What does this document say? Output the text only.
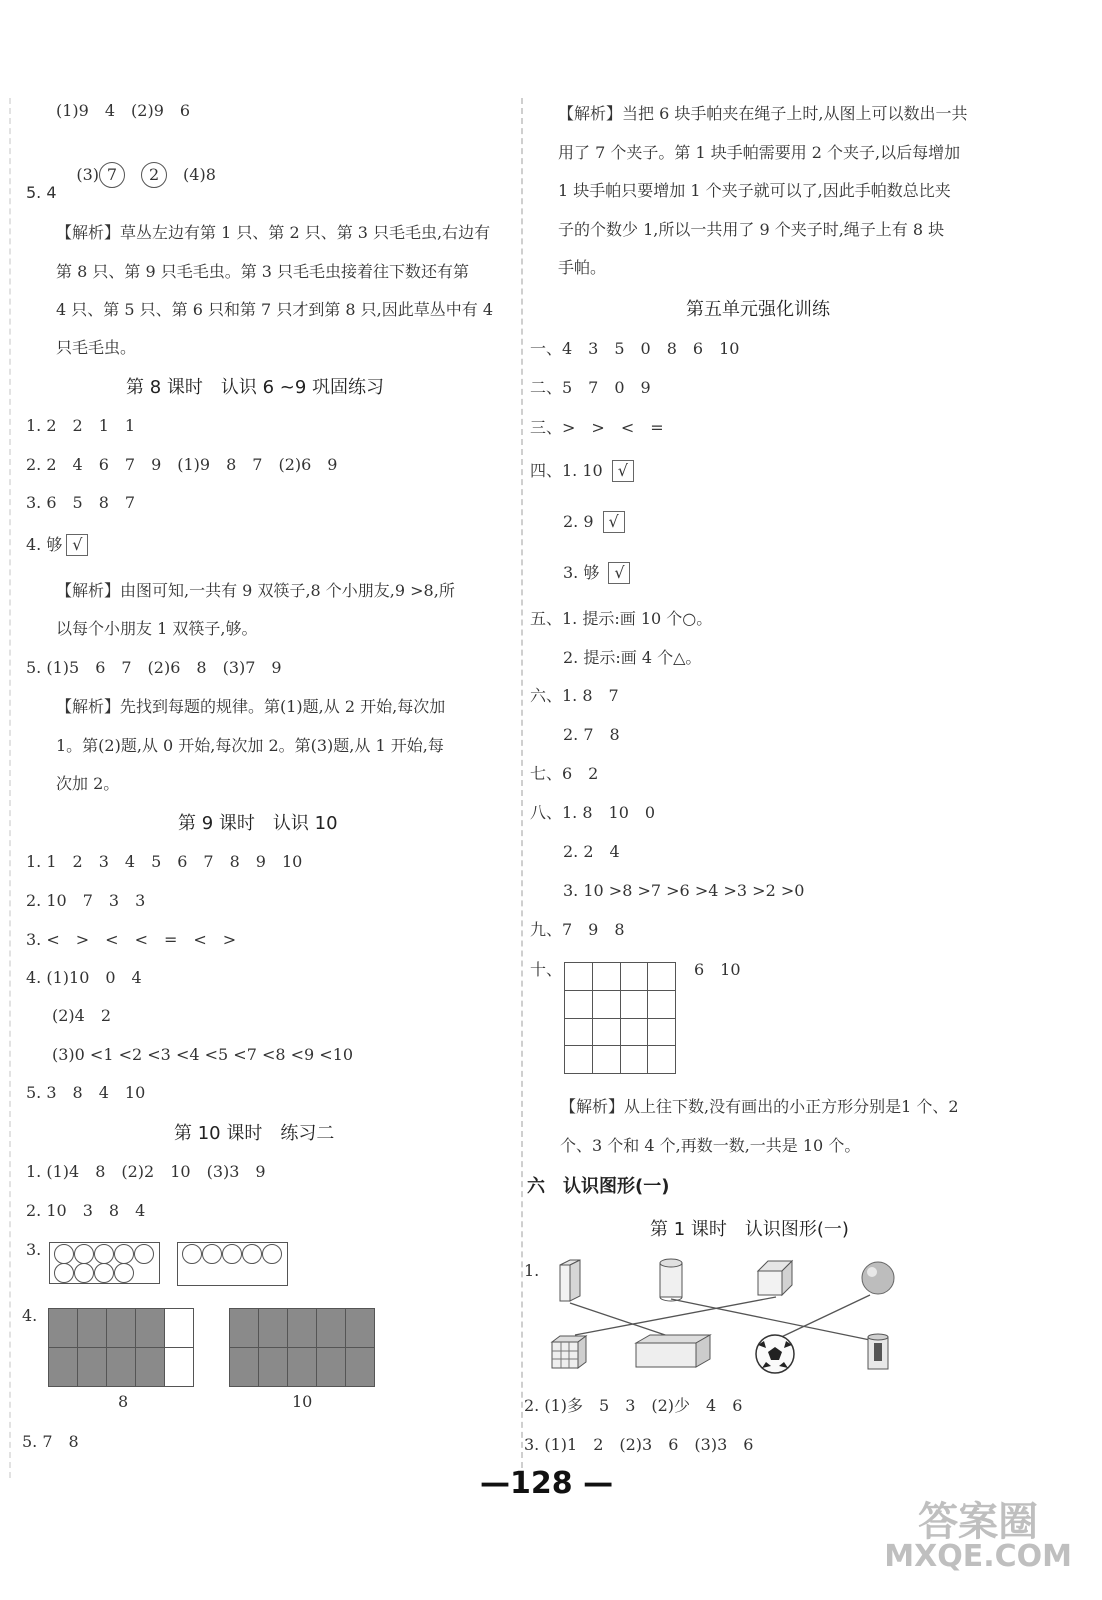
(1)9　4　(2)9　6

(3) 7　 2　 (4)8

5. 4
【解析】草丛左边有第 1 只、第 2 只、第 3 只毛毛虫,右边有
第 8 只、第 9 只毛毛虫。第 3 只毛毛虫接着往下数还有第
4 只、第 5 只、第 6 只和第 7 只才到第 8 只,因此草丛中有 4
只毛毛虫。
第 8 课时　认识 6 ~9 巩固练习
1. 2　2　1　1
2. 2　4　6　7　9　(1)9　8　7　(2)6　9
3. 6　5　8　7
4. 够 √
【解析】由图可知,一共有 9 双筷子,8 个小朋友,9 >8,所
以每个小朋友 1 双筷子,够。
5. (1)5　6　7　(2)6　8　(3)7　9
【解析】先找到每题的规律。第(1)题,从 2 开始,每次加
1。第(2)题,从 0 开始,每次加 2。第(3)题,从 1 开始,每
次加 2。
第 9 课时　认识 10
1. 1　2　3　4　5　6　7　8　9　10
2. 10　7　3　3
3. <　>　<　<　=　<　>
4. (1)10　0　4
(2)4　2
(3)0 <1 <2 <3 <4 <5 <7 <8 <9 <10
5. 3　8　4　10
第 10 课时　练习二
1. (1)4　8　(2)2　10　(3)3　9
2. 10　3　8　4
3.
4.

8	10
5. 7　8
【解析】当把 6 块手帕夹在绳子上时,从图上可以数出一共
用了 7 个夹子。第 1 块手帕需要用 2 个夹子,以后每增加
1 块手帕只要增加 1 个夹子就可以了,因此手帕数总比夹
子的个数少 1,所以一共用了 9 个夹子时,绳子上有 8 块
手帕。
第五单元强化训练
一、4　3　5　0　8　6　10
二、5　7　0　9
三、>　>　<　=
四、1. 10 √
2. 9 √
3. 够 √
五、1. 提示:画 10 个○。
2. 提示:画 4 个△。
六、1. 8　7
2. 7　8
七、6　2
八、1. 8　10　0
2. 2　4
3. 10 >8 >7 >6 >4 >3 >2 >0
九、7　9　8
十、

				6　10
【解析】从上往下数,没有画出的小正方形分别是1 个、2
个、3 个和 4 个,再数一数,一共是 10 个。
六　认识图形(一)
第 1 课时　认识图形(一)
1.
2. (1)多　5　3　(2)少　4　6
3. (1)1　2　(2)3　6　(3)3　6
—128 —
答案圈
MXQE.COM
